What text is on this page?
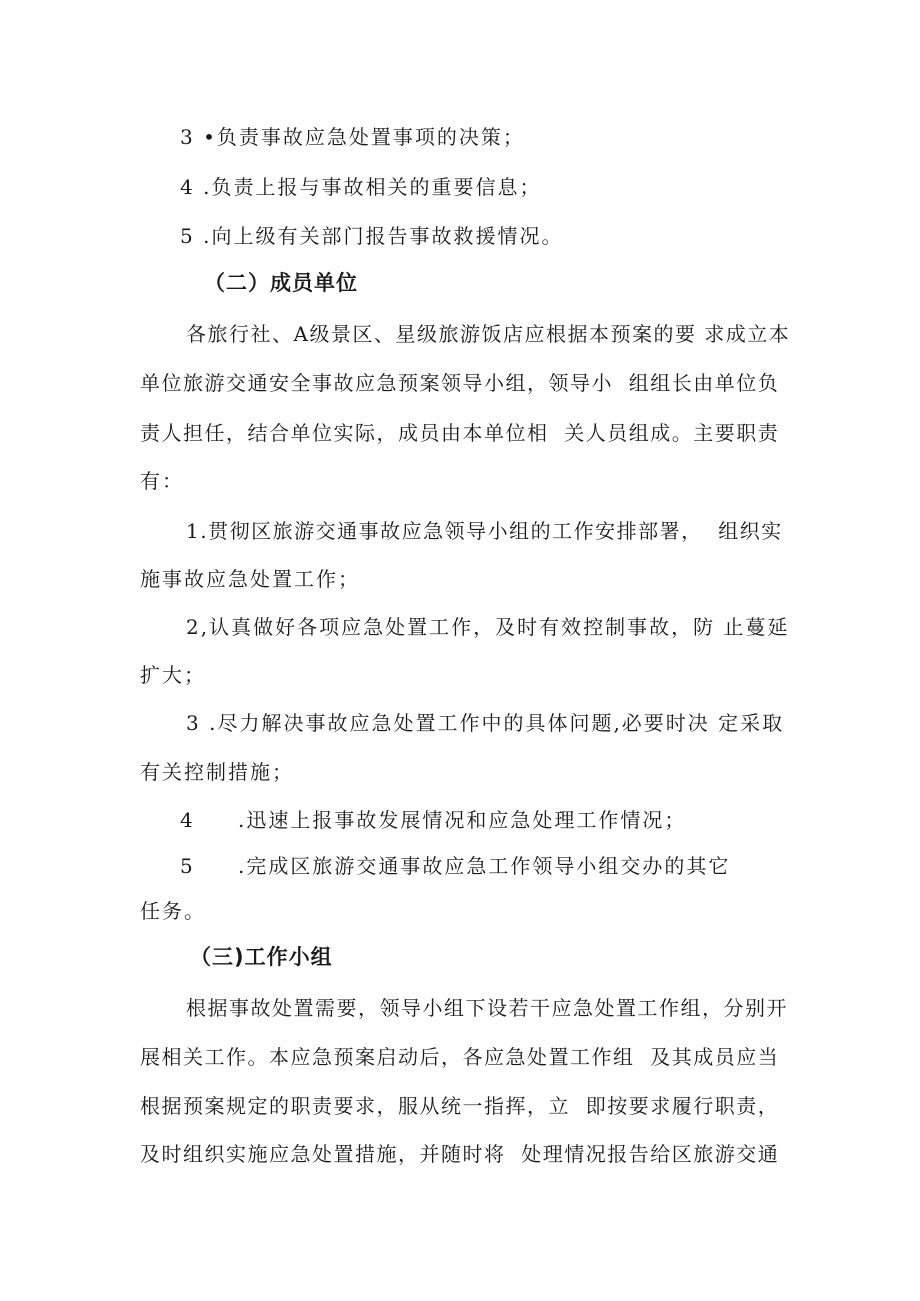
3 •负责事故应急处置事项的决策；
4 .负责上报与事故相关的重要信息；
5 .向上级有关部门报告事故救援情况。
（二）成员单位
各旅行社、A级景区、星级旅游饭店应根据本预案的要 求成立本
单位旅游交通安全事故应急预案领导小组，领导小  组组长由单位负
责人担任，结合单位实际，成员由本单位相  关人员组成。主要职责
有：
1.贯彻区旅游交通事故应急领导小组的工作安排部署，  组织实
施事故应急处置工作；
2,认真做好各项应急处置工作，及时有效控制事故，防 止蔓延
扩大；
3 .尽力解决事故应急处置工作中的具体问题,必要时决 定采取
有关控制措施；
4 .迅速上报事故发展情况和应急处理工作情况；
5 .完成区旅游交通事故应急工作领导小组交办的其它
任务。
（三)工作小组
根据事故处置需要，领导小组下设若干应急处置工作组，分别开
展相关工作。本应急预案启动后，各应急处置工作组  及其成员应当
根据预案规定的职责要求，服从统一指挥，立  即按要求履行职责，
及时组织实施应急处置措施，并随时将  处理情况报告给区旅游交通
